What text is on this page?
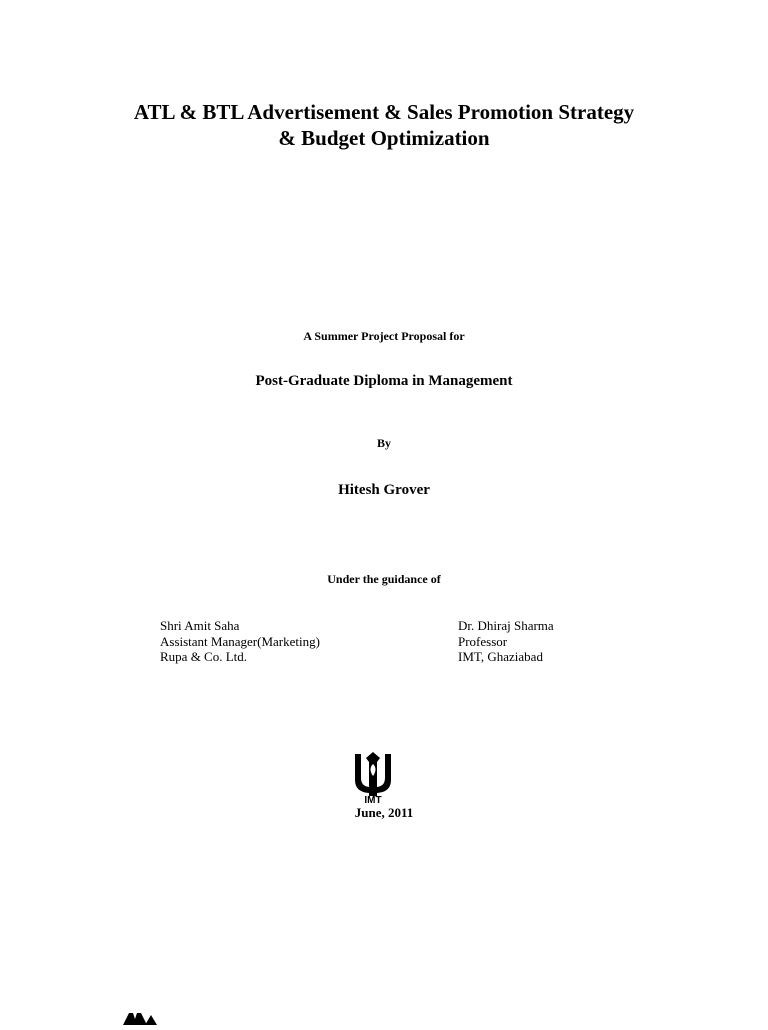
ATL & BTL Advertisement & Sales Promotion Strategy
& Budget Optimization
A Summer Project Proposal for
Post-Graduate Diploma in Management
By
Hitesh Grover
Under the guidance of
Shri Amit Saha
Assistant Manager(Marketing)
Rupa & Co. Ltd.
Dr. Dhiraj Sharma
Professor
IMT, Ghaziabad
IMT
June, 2011
